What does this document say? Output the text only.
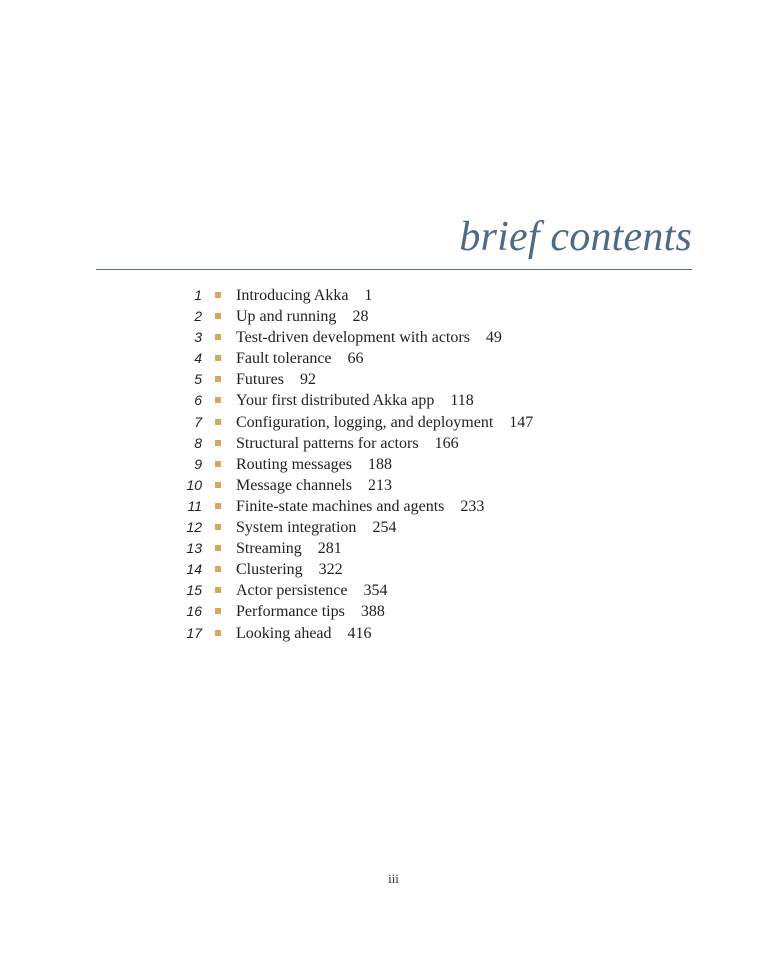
brief contents
1 Introducing Akka 1
2 Up and running 28
3 Test-driven development with actors 49
4 Fault tolerance 66
5 Futures 92
6 Your first distributed Akka app 118
7 Configuration, logging, and deployment 147
8 Structural patterns for actors 166
9 Routing messages 188
10 Message channels 213
11 Finite-state machines and agents 233
12 System integration 254
13 Streaming 281
14 Clustering 322
15 Actor persistence 354
16 Performance tips 388
17 Looking ahead 416
iii
